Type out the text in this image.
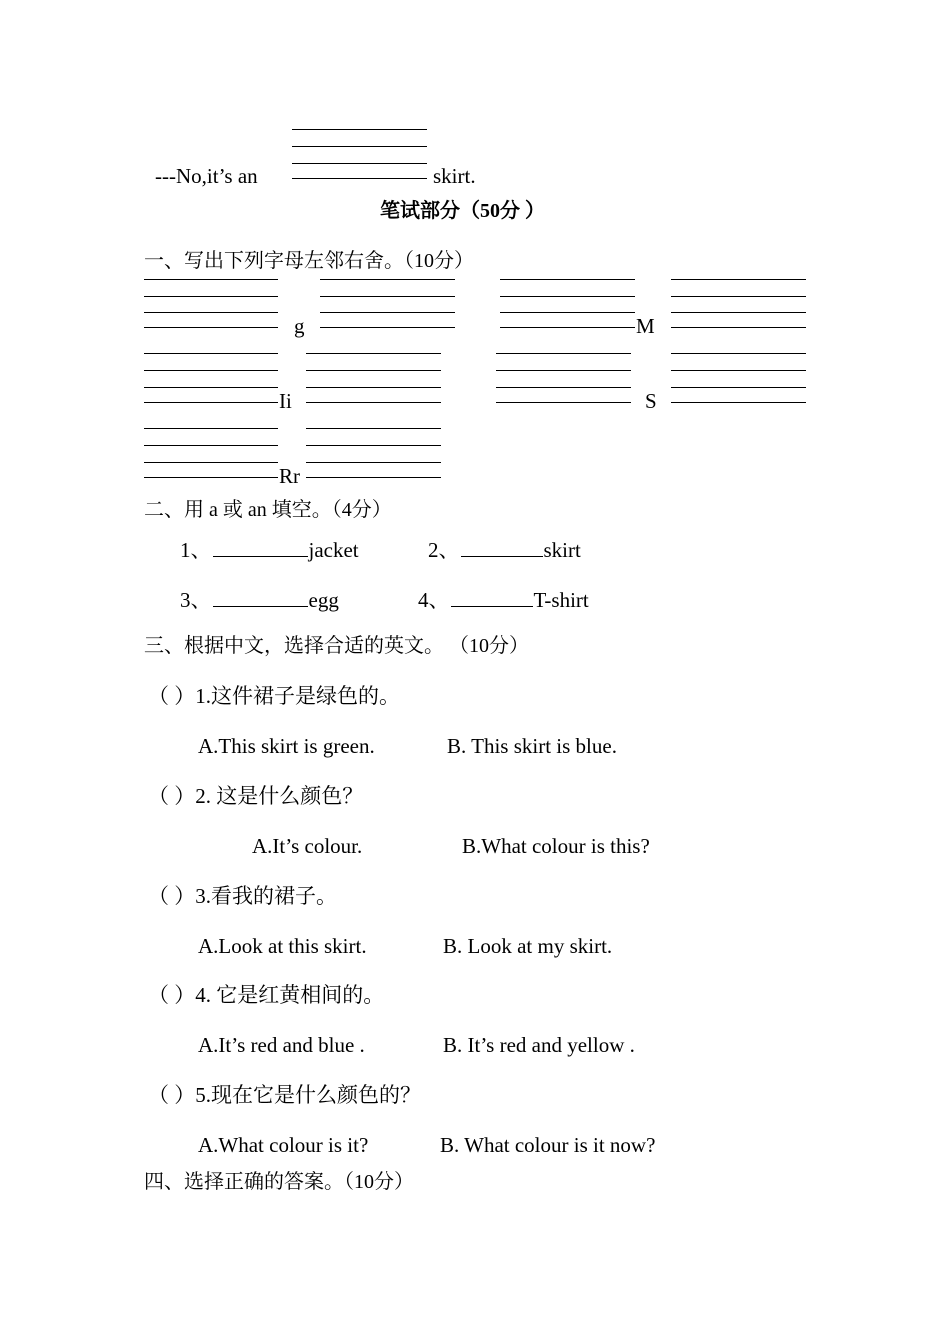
---No,it’s an	skirt.
笔试部分（50分 ）
一、写出下列字母左邻右舍。（10分）
g	M
Ii	S
Rr
二、用 a 或 an 填空。（4分）
1、	jacket	2、	skirt
3、	egg	4、	T-shirt
三、根据中文，选择合适的英文。 （10分）
（ ）1.这件裙子是绿色的。
A.This skirt is green.	B. This skirt is blue.
（ ）2. 这是什么颜色？
A.It’s colour.	B.What colour is this?
（ ）3.看我的裙子。
A.Look at this skirt.	B. Look at my skirt.
（ ）4. 它是红黄相间的。
A.It’s red and blue .	B. It’s red and yellow .
（ ）5.现在它是什么颜色的？
A.What colour is it?	B. What colour is it now?
四、选择正确的答案。（10分）
